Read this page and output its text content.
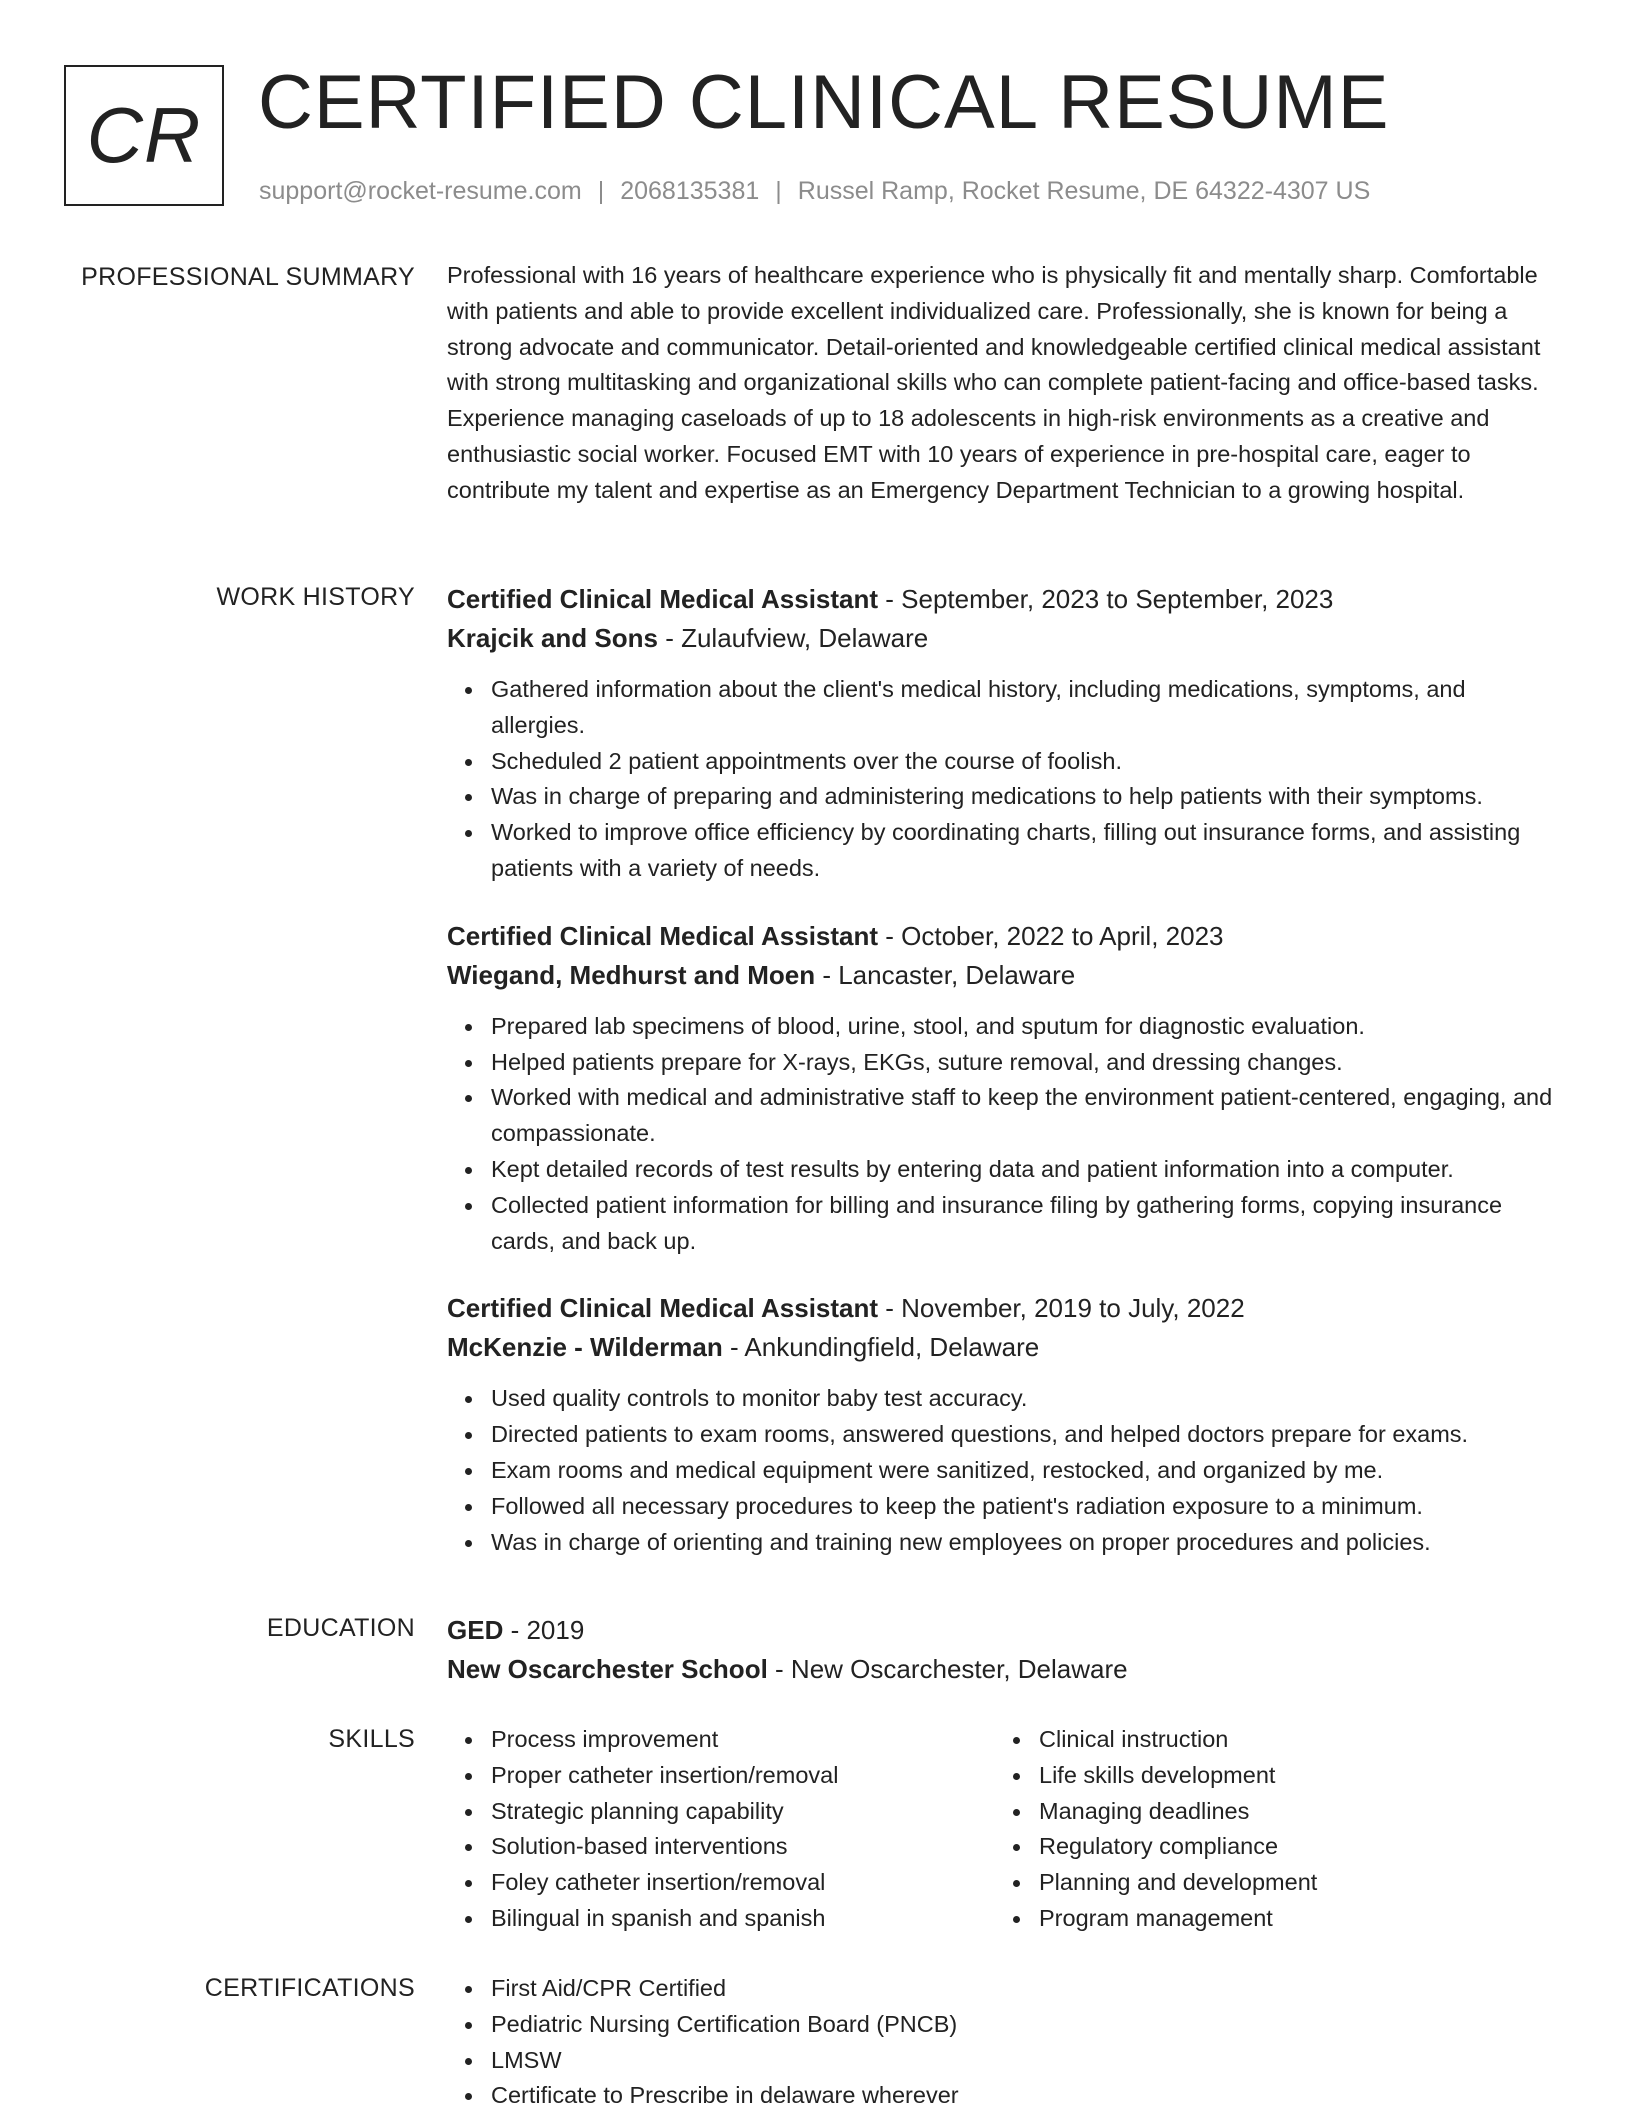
CR CERTIFIED CLINICAL RESUME
support@rocket-resume.com | 2068135381 | Russel Ramp, Rocket Resume, DE 64322-4307 US
PROFESSIONAL SUMMARY Professional with 16 years of healthcare experience who is physically fit and mentally sharp. Comfortable with patients and able to provide excellent individualized care. Professionally, she is known for being a strong advocate and communicator. Detail-oriented and knowledgeable certified clinical medical assistant with strong multitasking and organizational skills who can complete patient-facing and office-based tasks. Experience managing caseloads of up to 18 adolescents in high-risk environments as a creative and enthusiastic social worker. Focused EMT with 10 years of experience in pre-hospital care, eager to contribute my talent and expertise as an Emergency Department Technician to a growing hospital.

WORK HISTORY Certified Clinical Medical Assistant - September, 2023 to September, 2023
Krajcik and Sons - Zulaufview, Delaware
Gathered information about the client's medical history, including medications, symptoms, and allergies.
Scheduled 2 patient appointments over the course of foolish.
Was in charge of preparing and administering medications to help patients with their symptoms.
Worked to improve office efficiency by coordinating charts, filling out insurance forms, and assisting patients with a variety of needs.
Certified Clinical Medical Assistant - October, 2022 to April, 2023
Wiegand, Medhurst and Moen - Lancaster, Delaware
Prepared lab specimens of blood, urine, stool, and sputum for diagnostic evaluation.
Helped patients prepare for X-rays, EKGs, suture removal, and dressing changes.
Worked with medical and administrative staff to keep the environment patient-centered, engaging, and compassionate.
Kept detailed records of test results by entering data and patient information into a computer.
Collected patient information for billing and insurance filing by gathering forms, copying insurance cards, and back up.
Certified Clinical Medical Assistant - November, 2019 to July, 2022
McKenzie - Wilderman - Ankundingfield, Delaware
Used quality controls to monitor baby test accuracy.
Directed patients to exam rooms, answered questions, and helped doctors prepare for exams.
Exam rooms and medical equipment were sanitized, restocked, and organized by me.
Followed all necessary procedures to keep the patient's radiation exposure to a minimum.
Was in charge of orienting and training new employees on proper procedures and policies.
EDUCATION GED - 2019
New Oscarchester School - New Oscarchester, Delaware
SKILLS	Process improvement
Proper catheter insertion/removal
Strategic planning capability
Solution-based interventions
Foley catheter insertion/removal
Bilingual in spanish and spanish
Clinical instruction
Life skills development
Managing deadlines
Regulatory compliance
Planning and development
Program management
CERTIFICATIONS	First Aid/CPR Certified
Pediatric Nursing Certification Board (PNCB)
LMSW
Certificate to Prescribe in delaware wherever
